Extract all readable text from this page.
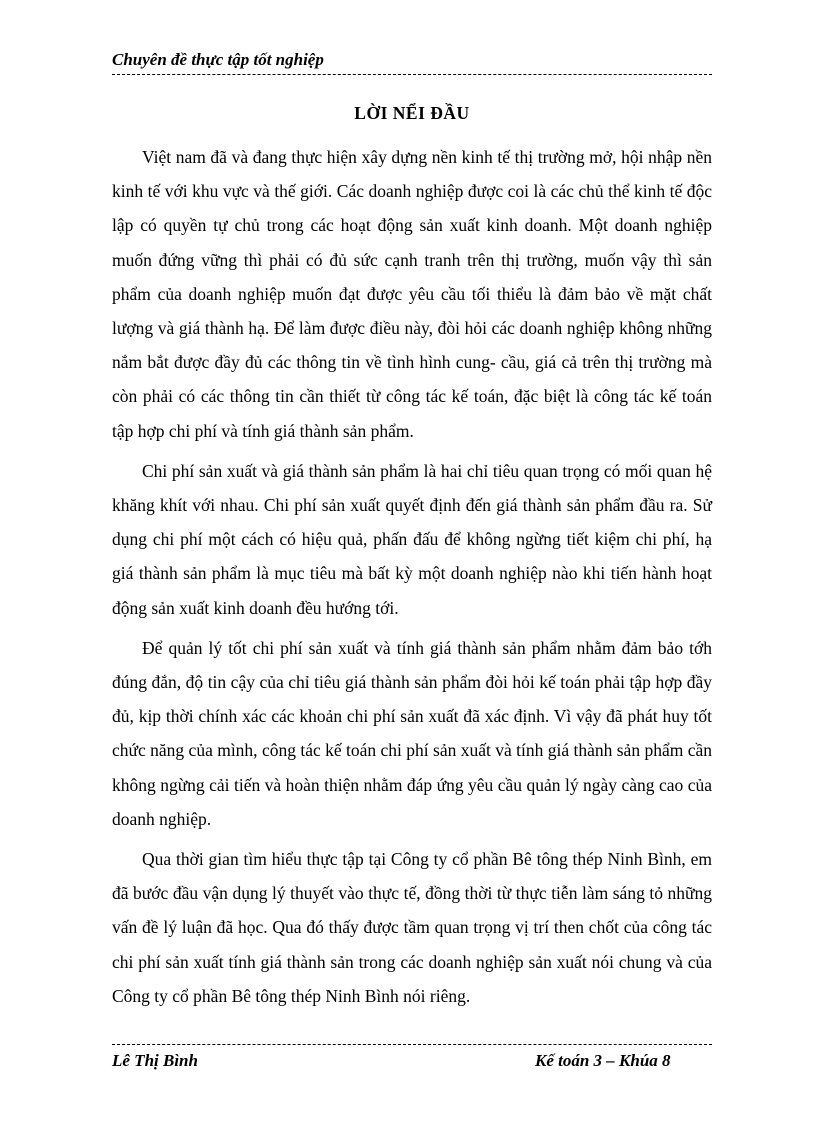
Chuyên đề thực tập tốt nghiệp
LỜI NỂI ĐẦU

Việt nam đã và đang thực hiện xây dựng nền kinh tế thị trường mở, hội nhập nền kinh tế với khu vực và thế giới. Các doanh nghiệp được coi là các chủ thể kinh tế độc lập có quyền tự chủ trong các hoạt động sản xuất kinh doanh. Một doanh nghiệp muốn đứng vững thì phải có đủ sức cạnh tranh trên thị trường, muốn vậy thì sản phẩm của doanh nghiệp muốn đạt được yêu cầu tối thiểu là đảm bảo về mặt chất lượng và giá thành hạ. Để làm được điều này, đòi hỏi các doanh nghiệp không những nắm bắt được đầy đủ các thông tin về tình hình cung- cầu, giá cả trên thị trường mà còn phải có các thông tin cần thiết từ công tác kế toán, đặc biệt là công tác kế toán tập hợp chi phí và tính giá thành sản phẩm.

Chi phí sản xuất và giá thành sản phẩm là hai chỉ tiêu quan trọng có mối quan hệ khăng khít với nhau. Chi phí sản xuất quyết định đến giá thành sản phẩm đầu ra. Sử dụng chi phí một cách có hiệu quả, phấn đấu để không ngừng tiết kiệm chi phí, hạ giá thành sản phẩm là mục tiêu mà bất kỳ một doanh nghiệp nào khi tiến hành hoạt động sản xuất kinh doanh đều hướng tới.

Để quản lý tốt chi phí sản xuất và tính giá thành sản phẩm nhằm đảm bảo tớh đúng đắn, độ tin cậy của chỉ tiêu giá thành sản phẩm đòi hỏi kế toán phải tập hợp đầy đủ, kịp thời chính xác các khoản chi phí sản xuất đã xác định. Vì vậy đã phát huy tốt chức năng của mình, công tác kế toán chi phí sản xuất và tính giá thành sản phẩm cần không ngừng cải tiến và hoàn thiện nhằm đáp ứng yêu cầu quản lý ngày càng cao của doanh nghiệp.

Qua thời gian tìm hiểu thực tập tại Công ty cổ phần Bê tông thép Ninh Bình, em đã bước đầu vận dụng lý thuyết vào thực tế, đồng thời từ thực tiễn làm sáng tỏ những vấn đề lý luận đã học. Qua đó thấy được tầm quan trọng vị trí then chốt của công tác chi phí sản xuất tính giá thành sản trong các doanh nghiệp sản xuất nói chung và của Công ty cổ phần Bê tông thép Ninh Bình nói riêng.

Lê Thị Bình	Kế toán 3 – Khúa 8
